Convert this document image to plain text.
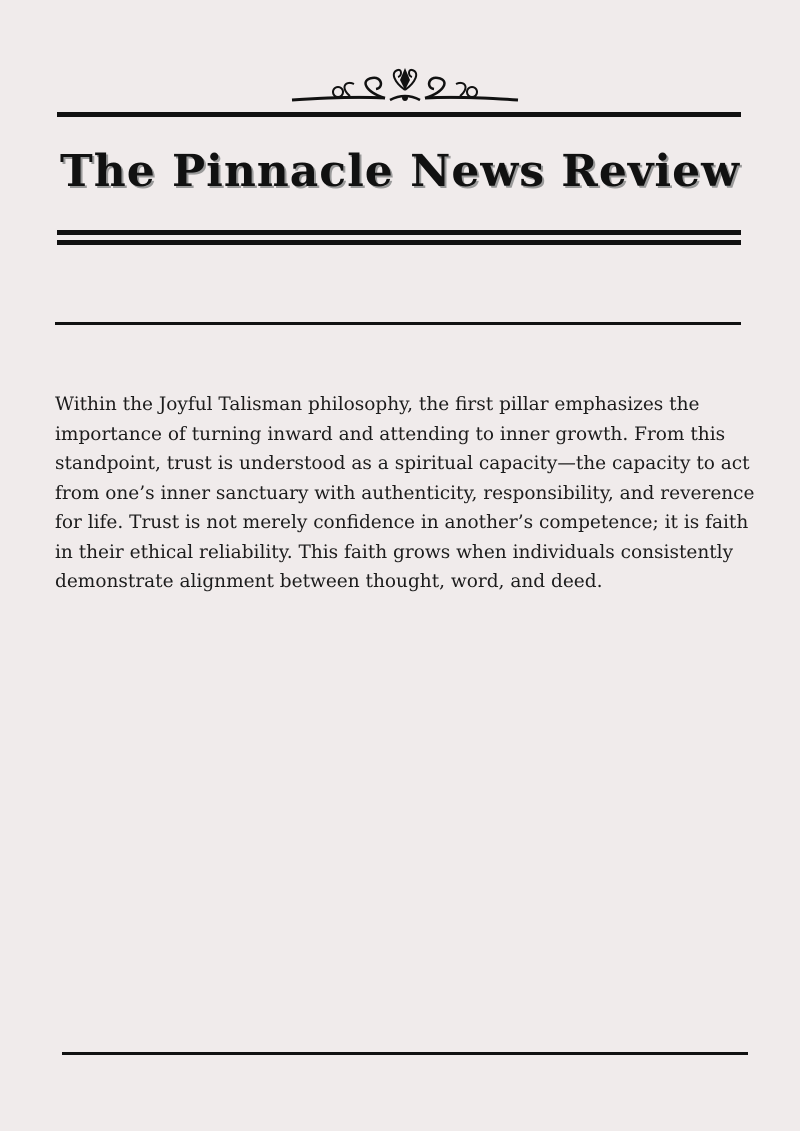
The Pinnacle News Review
Within the Joyful Talisman philosophy, the first pillar emphasizes the importance of turning inward and attending to inner growth. From this standpoint, trust is understood as a spiritual capacity—the capacity to act from one’s inner sanctuary with authenticity, responsibility, and reverence for life. Trust is not merely confidence in another’s competence; it is faith in their ethical reliability. This faith grows when individuals consistently demonstrate alignment between thought, word, and deed.
